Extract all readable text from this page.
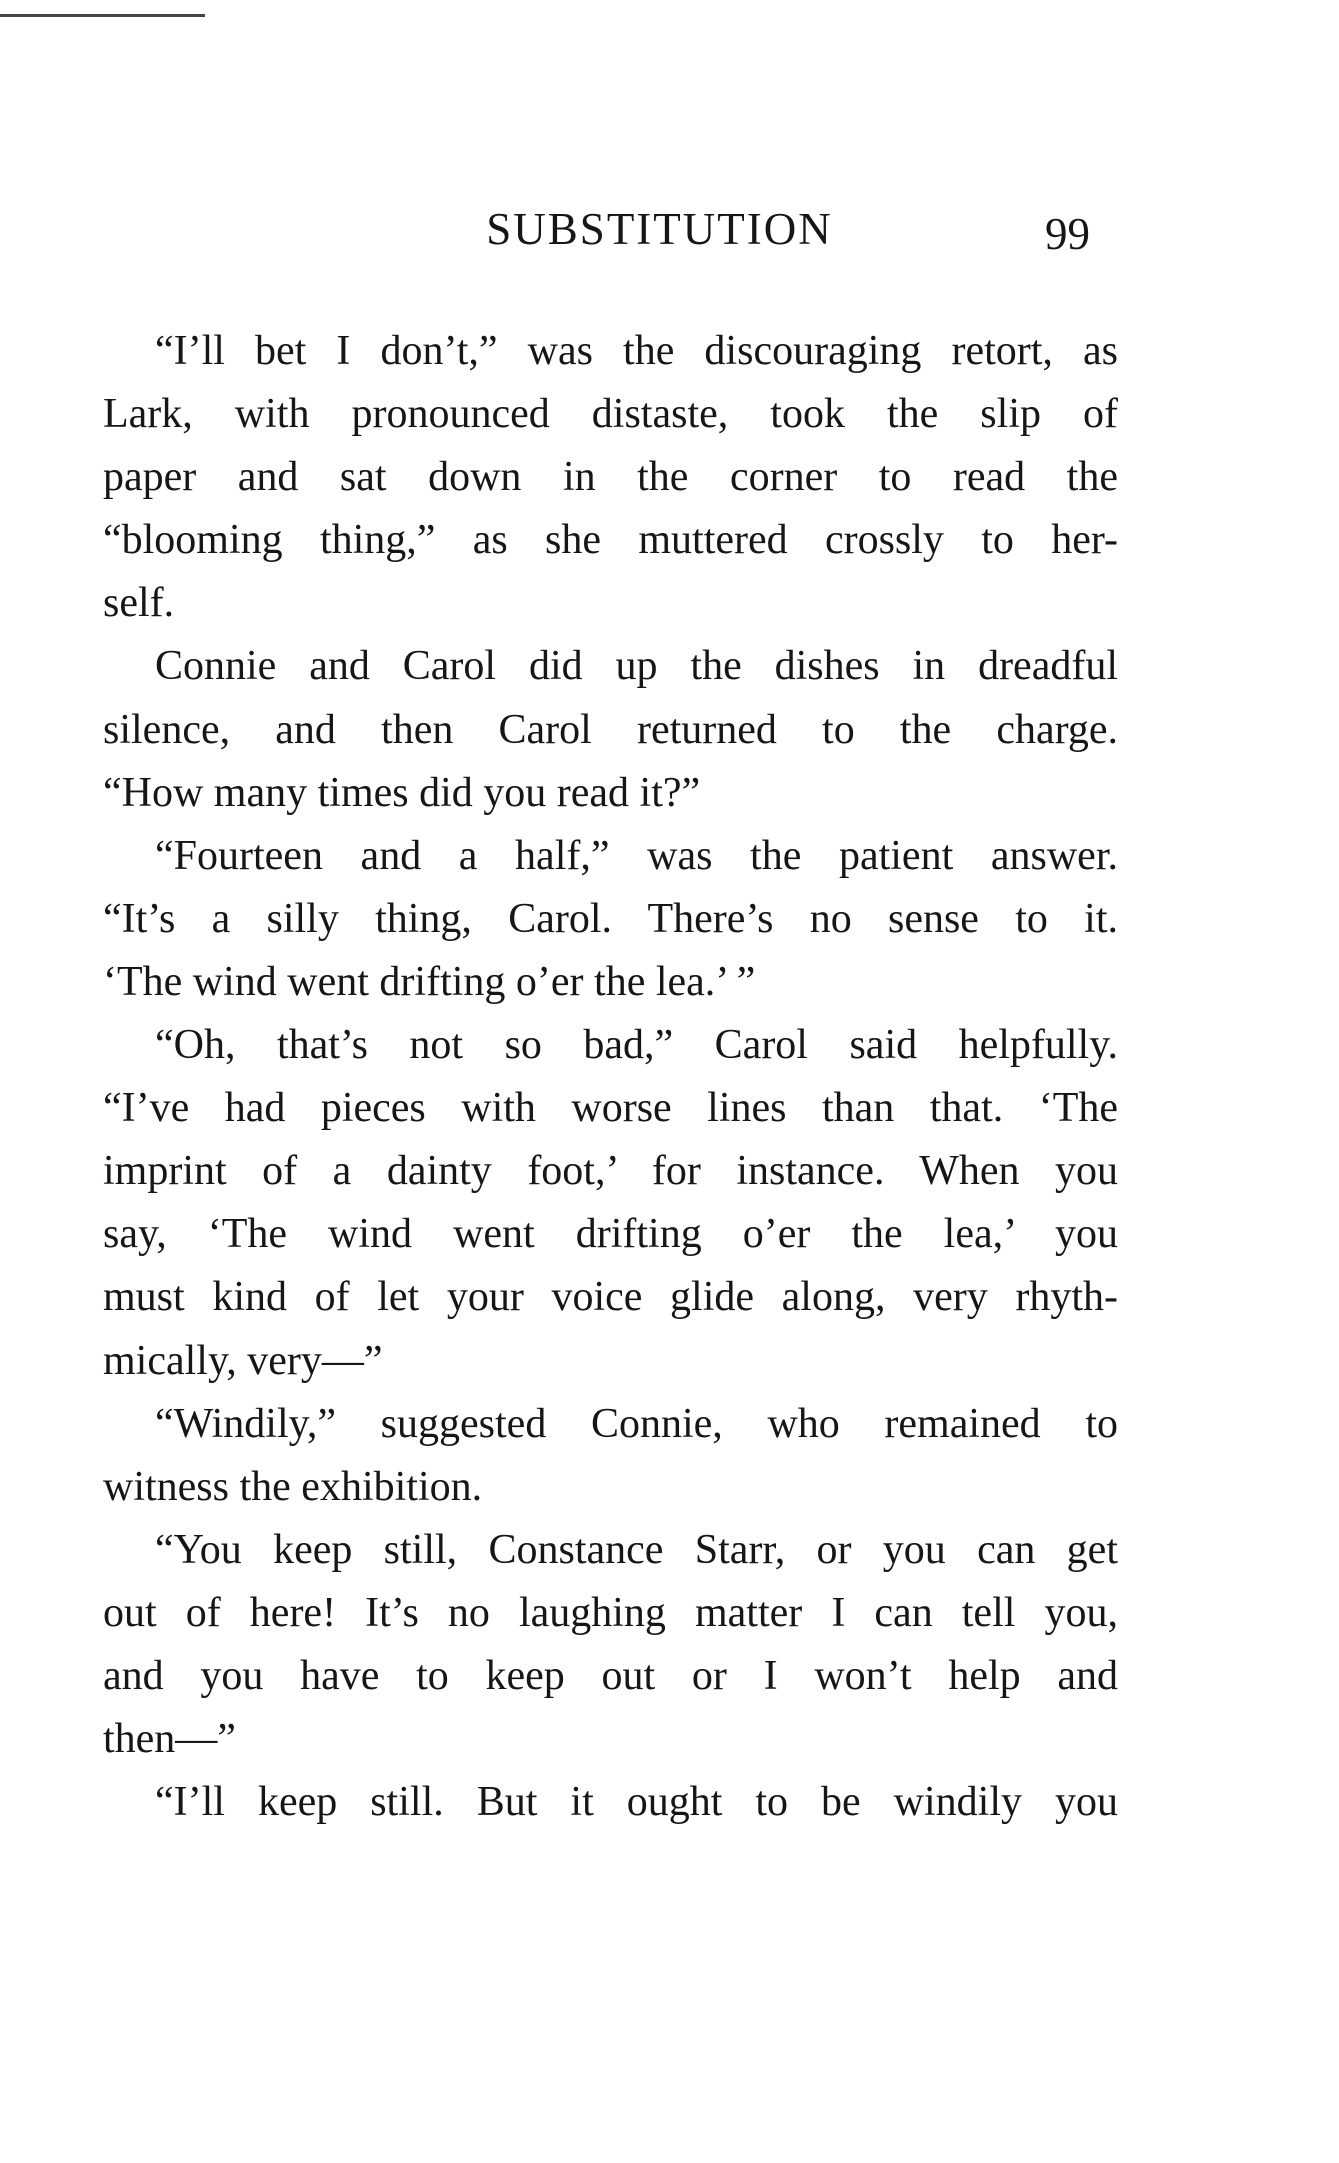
SUBSTITUTION	99
“I’ll bet I don’t,” was the discouraging retort, as
Lark, with pronounced distaste, took the slip of
paper and sat down in the corner to read the
“blooming thing,” as she muttered crossly to her-
self.
Connie and Carol did up the dishes in dreadful
silence, and then Carol returned to the charge.
“How many times did you read it?”
“Fourteen and a half,” was the patient answer.
“It’s a silly thing, Carol. There’s no sense to it.
‘The wind went drifting o’er the lea.’ ”
“Oh, that’s not so bad,” Carol said helpfully.
“I’ve had pieces with worse lines than that. ‘The
imprint of a dainty foot,’ for instance. When you
say, ‘The wind went drifting o’er the lea,’ you
must kind of let your voice glide along, very rhyth-
mically, very—”
“Windily,” suggested Connie, who remained to
witness the exhibition.
“You keep still, Constance Starr, or you can get
out of here! It’s no laughing matter I can tell you,
and you have to keep out or I won’t help and
then—”
“I’ll keep still. But it ought to be windily you
